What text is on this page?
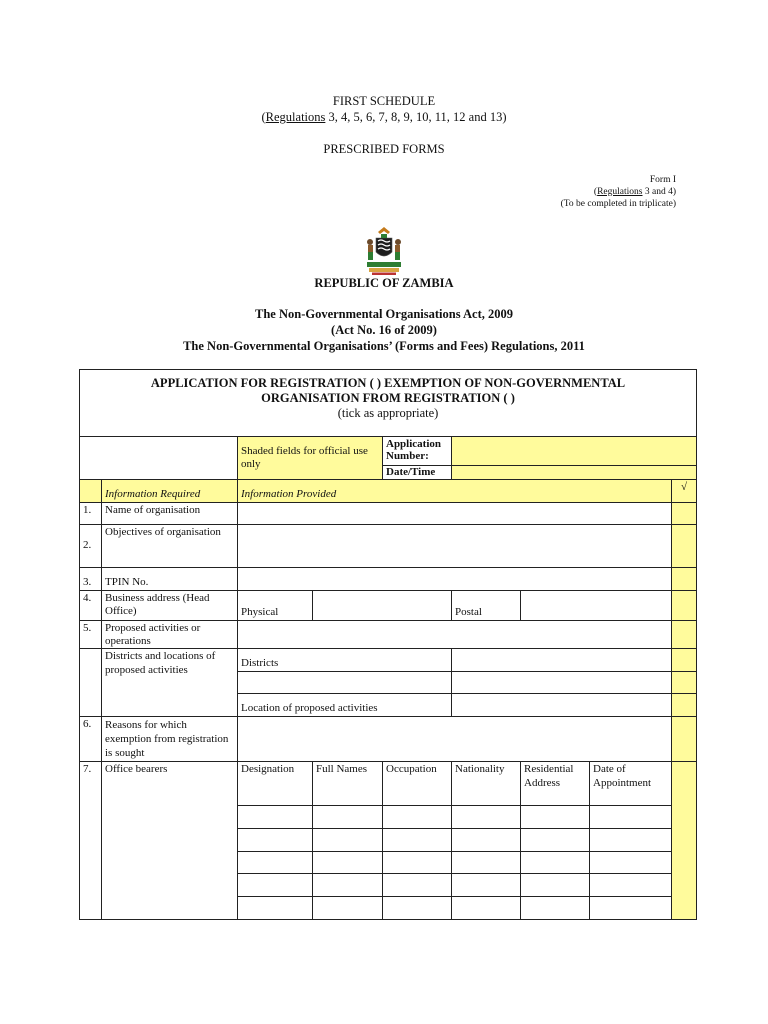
FIRST SCHEDULE
(Regulations 3, 4, 5, 6, 7, 8, 9, 10, 11, 12 and 13)
PRESCRIBED FORMS
Form I
(Regulations 3 and 4)
(To be completed in triplicate)
REPUBLIC OF ZAMBIA
The Non-Governmental Organisations Act, 2009
(Act No. 16 of 2009)
The Non-Governmental Organisations’ (Forms and Fees) Regulations, 2011
APPLICATION FOR REGISTRATION ( ) EXEMPTION OF NON-GOVERNMENTAL
ORGANISATION FROM REGISTRATION ( )
(tick as appropriate)								

		Shaded fields for official use only		Application Number:				
				Date/Time				
	Information Required	Information Provided						√
1.	Name of organisation							
2.	Objectives of organisation							
3.	TPIN No.							
4.	Business address (Head Office)	Physical			Postal			
5.	Proposed activities or operations							
	Districts and locations of proposed activities	Districts						

		Location of proposed activities						
6.	Reasons for which exemption from registration is sought							
7.	Office bearers	Designation	Full Names	Occupation	Nationality	Residential Address	Date of Appointment	
